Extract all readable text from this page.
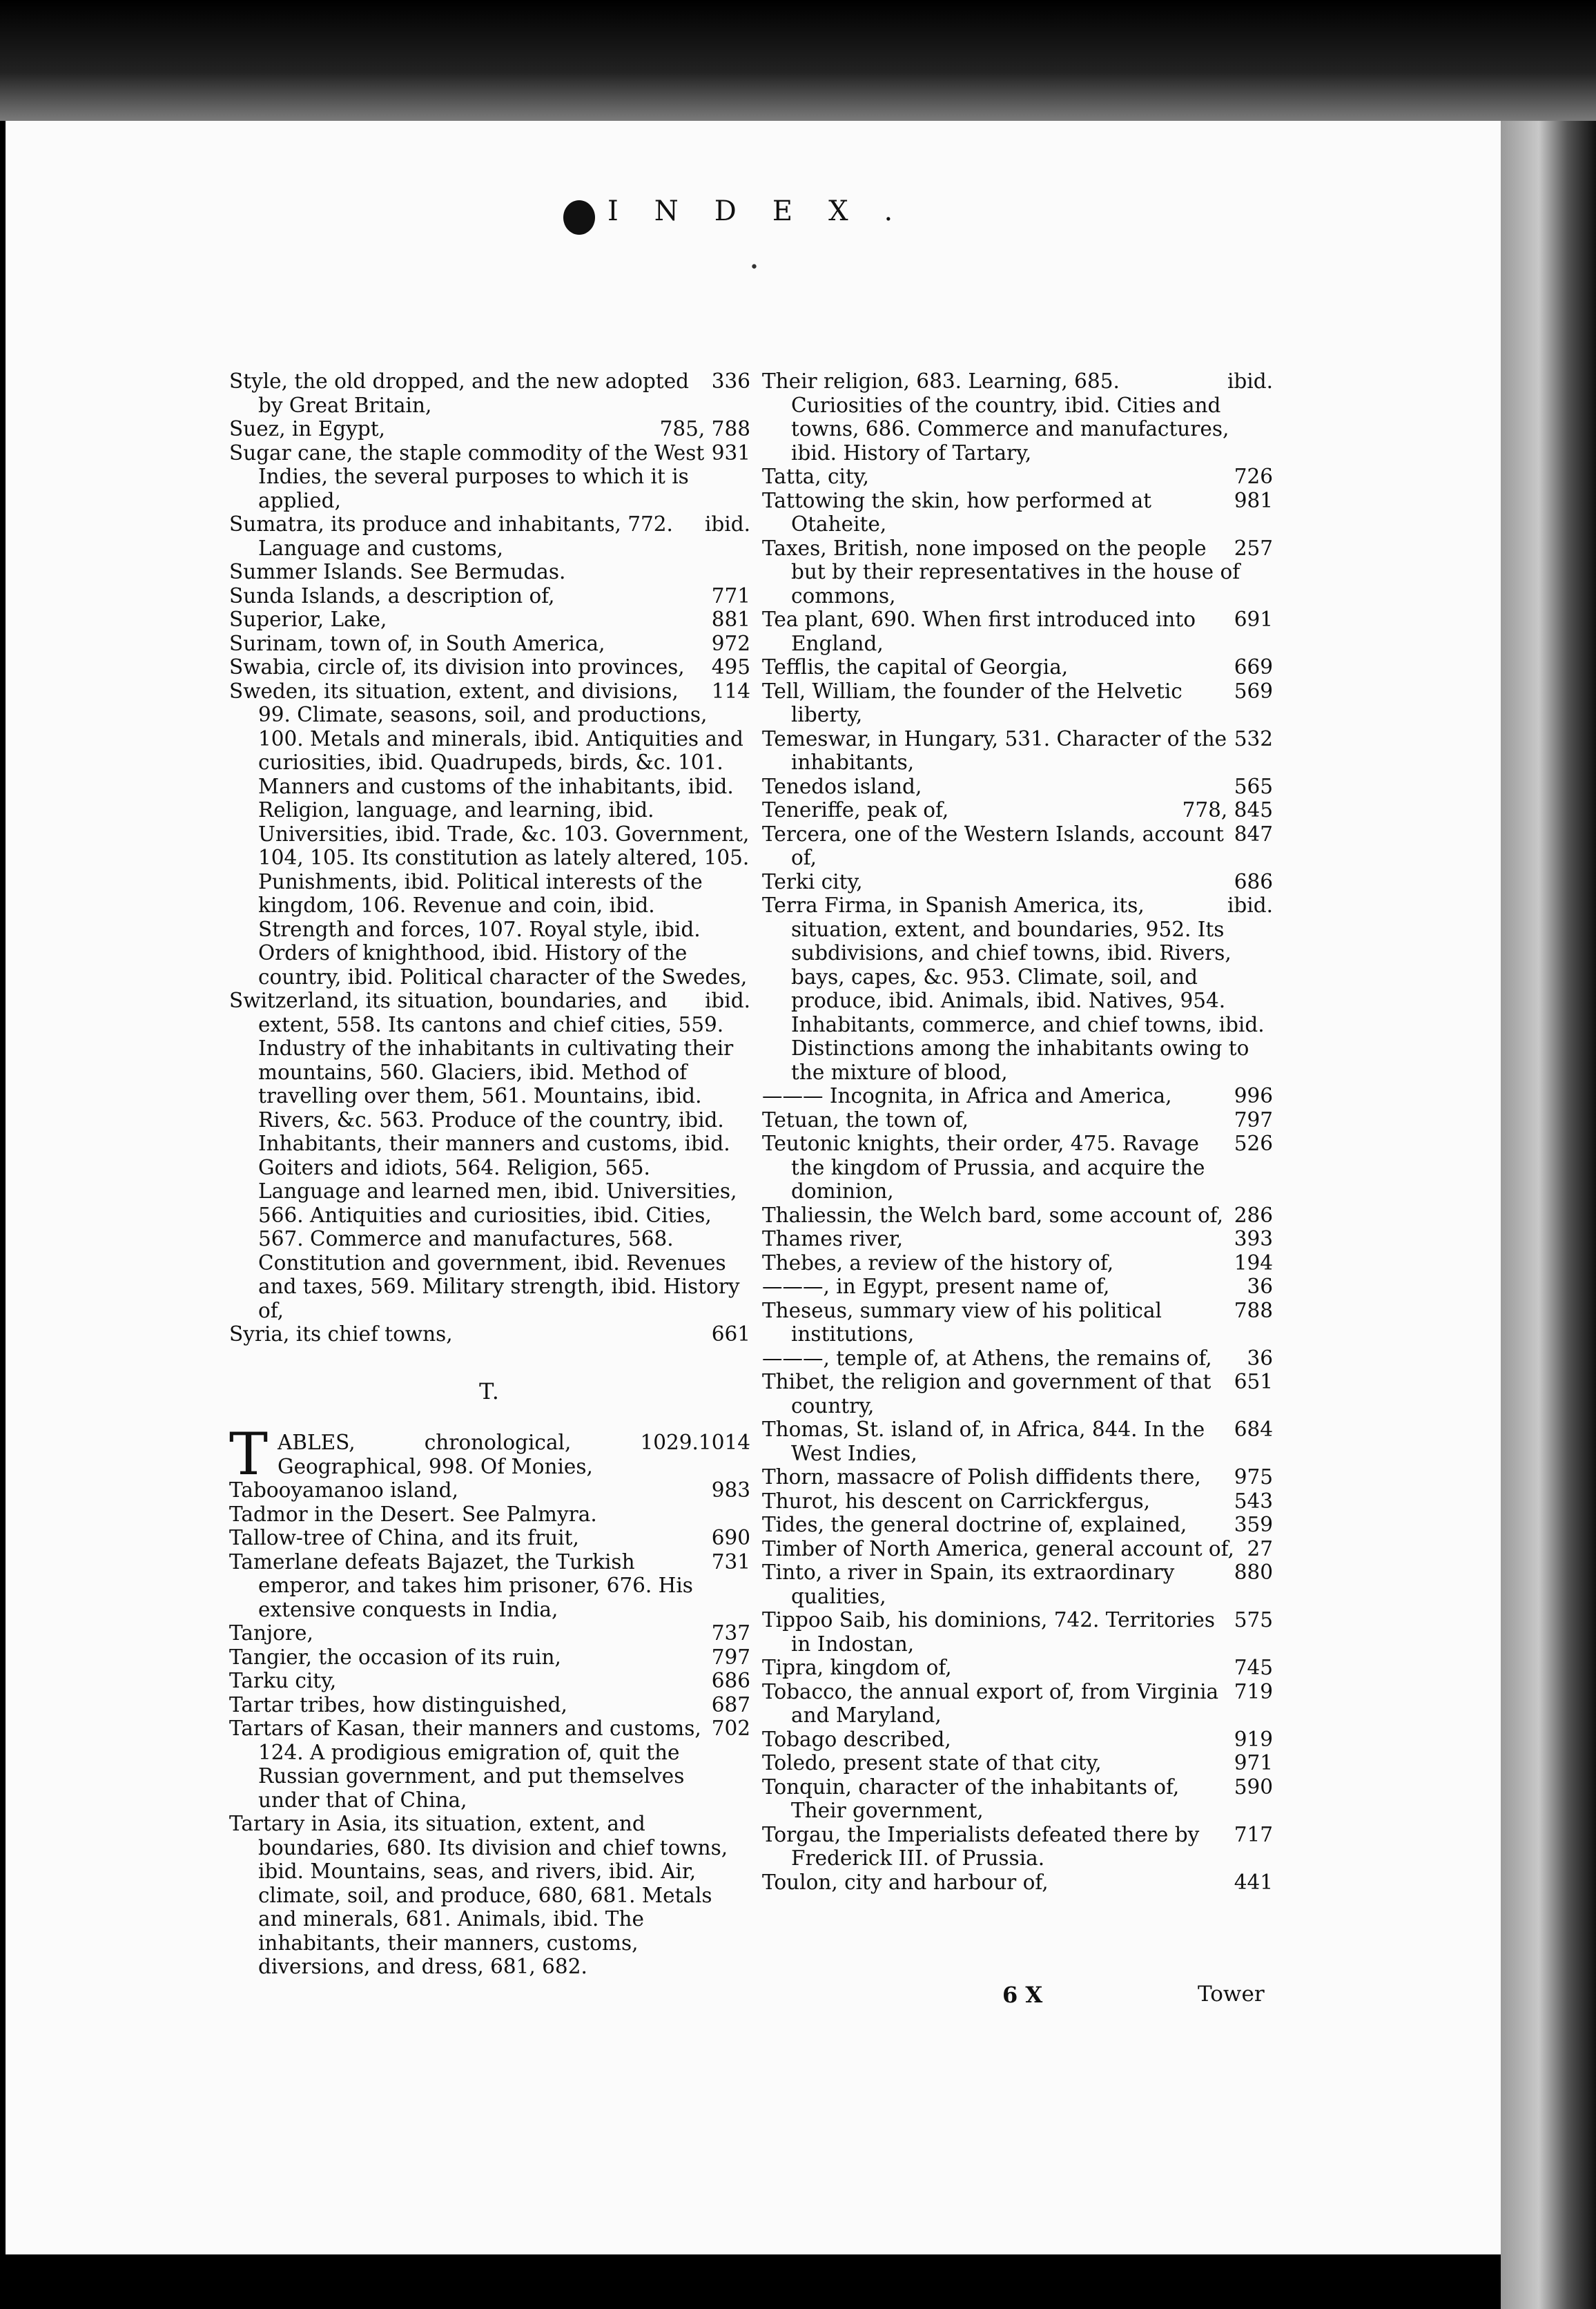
•
INDEX.
336
Style, the old dropped, and the new adopted by Great Britain,
785, 788
Suez, in Egypt,
931
Sugar cane, the staple commodity of the West Indies, the several purposes to which it is applied,
ibid.
Sumatra, its produce and inhabitants, 772. Language and customs,
Summer Islands. See Bermudas.
771
Sunda Islands, a description of,
881
Superior, Lake,
972
Surinam, town of, in South America,
495
Swabia, circle of, its division into provinces,
114
Sweden, its situation, extent, and divisions, 99. Climate, seasons, soil, and productions, 100. Metals and minerals, ibid. Antiquities and curiosities, ibid. Quadrupeds, birds, &c. 101. Manners and customs of the inhabitants, ibid. Religion, language, and learning, ibid. Universities, ibid. Trade, &c. 103. Government, 104, 105. Its constitution as lately altered, 105. Punishments, ibid. Political interests of the kingdom, 106. Revenue and coin, ibid. Strength and forces, 107. Royal style, ibid. Orders of knighthood, ibid. History of the country, ibid. Political character of the Swedes,
ibid.
Switzerland, its situation, boundaries, and extent, 558. Its cantons and chief cities, 559. Industry of the inhabitants in cultivating their mountains, 560. Glaciers, ibid. Method of travelling over them, 561. Mountains, ibid. Rivers, &c. 563. Produce of the country, ibid. Inhabitants, their manners and customs, ibid. Goiters and idiots, 564. Religion, 565. Language and learned men, ibid. Universities, 566. Antiquities and curiosities, ibid. Cities, 567. Commerce and manufactures, 568. Constitution and government, ibid. Revenues and taxes, 569. Military strength, ibid. History of,
661
Syria, its chief towns,
T.
T	1014
ABLES, chronological, 1029. Geographical, 998. Of Monies,
983
Tabooyamanoo island,
Tadmor in the Desert. See Palmyra.
690
Tallow-tree of China, and its fruit,
731
Tamerlane defeats Bajazet, the Turkish emperor, and takes him prisoner, 676. His extensive conquests in India,
737
Tanjore,
797
Tangier, the occasion of its ruin,
686
Tarku city,
687
Tartar tribes, how distinguished,
702
Tartars of Kasan, their manners and customs, 124. A prodigious emigration of, quit the Russian government, and put themselves under that of China,
Tartary in Asia, its situation, extent, and boundaries, 680. Its division and chief towns, ibid. Mountains, seas, and rivers, ibid. Air, climate, soil, and produce, 680, 681. Metals and minerals, 681. Animals, ibid. The inhabitants, their manners, customs, diversions, and dress, 681, 682.
ibid.
Their religion, 683. Learning, 685. Curiosities of the country, ibid. Cities and towns, 686. Commerce and manufactures, ibid. History of Tartary,
726
Tatta, city,
981
Tattowing the skin, how performed at Otaheite,
257
Taxes, British, none imposed on the people but by their representatives in the house of commons,
691
Tea plant, 690. When first introduced into England,
669
Tefflis, the capital of Georgia,
569
Tell, William, the founder of the Helvetic liberty,
532
Temeswar, in Hungary, 531. Character of the inhabitants,
565
Tenedos island,
778, 845
Teneriffe, peak of,
847
Tercera, one of the Western Islands, account of,
686
Terki city,
ibid.
Terra Firma, in Spanish America, its, situation, extent, and boundaries, 952. Its subdivisions, and chief towns, ibid. Rivers, bays, capes, &c. 953. Climate, soil, and produce, ibid. Animals, ibid. Natives, 954. Inhabitants, commerce, and chief towns, ibid. Distinctions among the inhabitants owing to the mixture of blood,
996
——— Incognita, in Africa and America,
797
Tetuan, the town of,
526
Teutonic knights, their order, 475. Ravage the kingdom of Prussia, and acquire the dominion,
286
Thaliessin, the Welch bard, some account of,
393
Thames river,
194
Thebes, a review of the history of,
36
———, in Egypt, present name of,
788
Theseus, summary view of his political institutions,
36
———, temple of, at Athens, the remains of,
651
Thibet, the religion and government of that country,
684
Thomas, St. island of, in Africa, 844. In the West Indies,
975
Thorn, massacre of Polish diffidents there,
543
Thurot, his descent on Carrickfergus,
359
Tides, the general doctrine of, explained,
27
Timber of North America, general account of,
880
Tinto, a river in Spain, its extraordinary qualities,
575
Tippoo Saib, his dominions, 742. Territories in Indostan,
745
Tipra, kingdom of,
719
Tobacco, the annual export of, from Virginia and Maryland,
919
Tobago described,
971
Toledo, present state of that city,
590
Tonquin, character of the inhabitants of, Their government,
717
Torgau, the Imperialists defeated there by Frederick III. of Prussia.
441
Toulon, city and harbour of,
6 X	Tower
